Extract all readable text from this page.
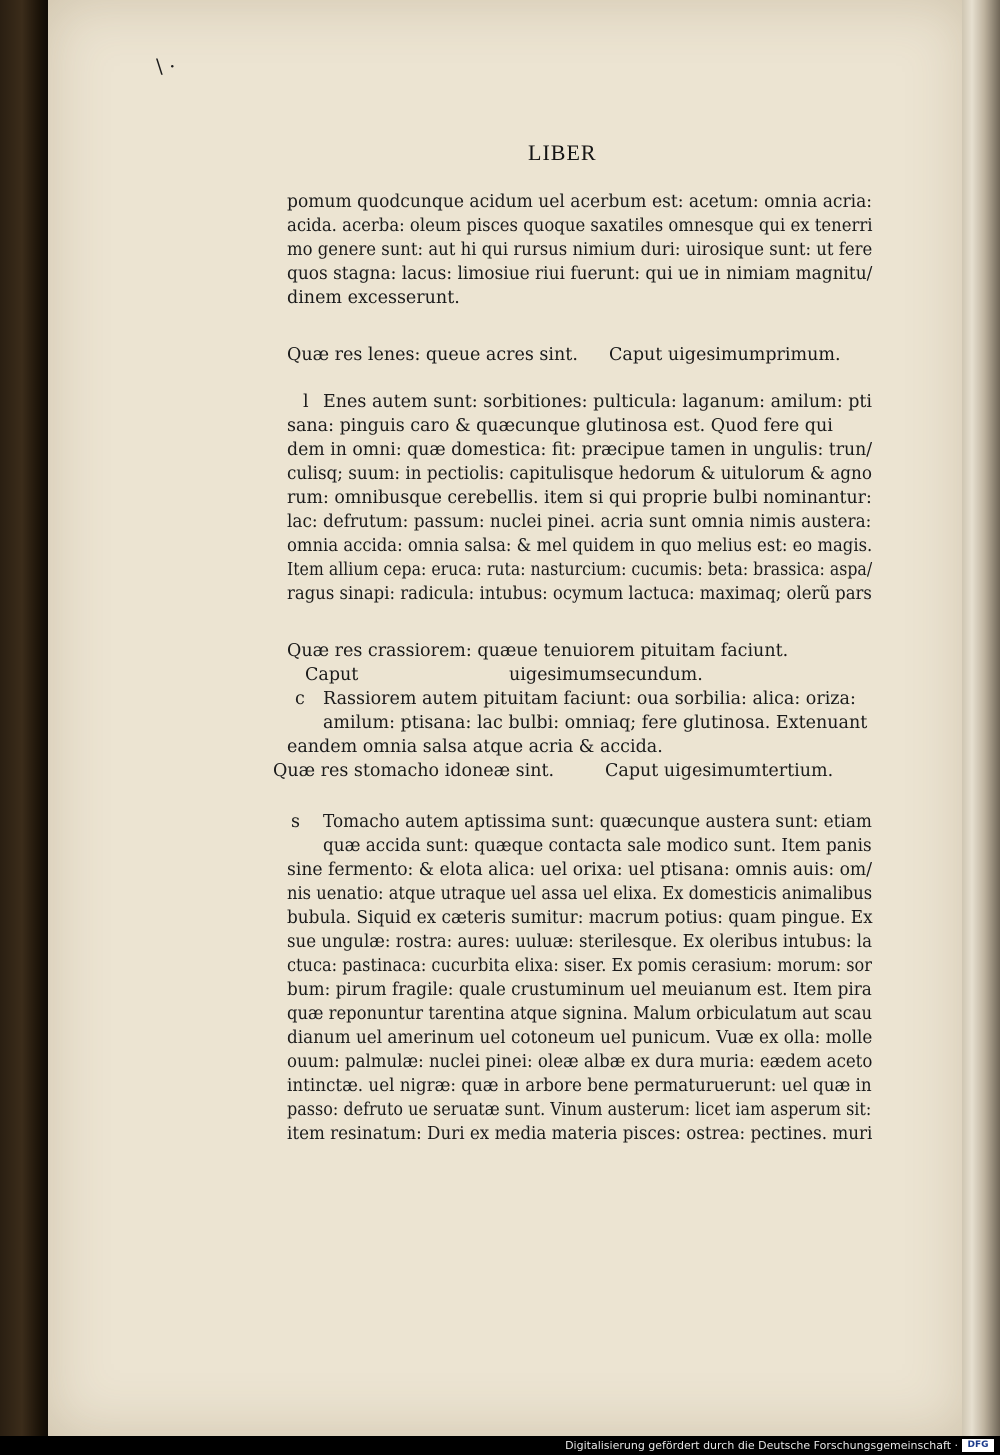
\ ·
LIBER
pomum quodcunque acidum uel acerbum est: acetum: omnia acria:
acida. acerba: oleum pisces quoque saxatiles omnesque qui ex tenerri
mo genere sunt: aut hi qui rursus nimium duri: uirosique sunt: ut fere
quos stagna: lacus: limosiue riui fuerunt: qui ue in nimiam magnitu/
dinem excesserunt.
Quæ res lenes: queue acres sint. Caput uigesimumprimum.
l Enes autem sunt: sorbitiones: pulticula: laganum: amilum: pti
sana: pinguis caro & quæcunque glutinosa est. Quod fere qui
dem in omni: quæ domestica: fit: præcipue tamen in ungulis: trun/
culisq; suum: in pectiolis: capitulisque hedorum & uitulorum & agno
rum: omnibusque cerebellis. item si qui proprie bulbi nominantur:
lac: defrutum: passum: nuclei pinei. acria sunt omnia nimis austera:
omnia accida: omnia salsa: & mel quidem in quo melius est: eo magis.
Item allium cepa: eruca: ruta: nasturcium: cucumis: beta: brassica: aspa/
ragus sinapi: radicula: intubus: ocymum lactuca: maximaq; olerũ pars
Quæ res crassiorem: quæue tenuiorem pituitam faciunt.
Caput	uigesimumsecundum.
c Rassiorem autem pituitam faciunt: oua sorbilia: alica: oriza:
amilum: ptisana: lac bulbi: omniaq; fere glutinosa. Extenuant
eandem omnia salsa atque acria & accida.
Quæ res stomacho idoneæ sint.	Caput uigesimumtertium.
s Tomacho autem aptissima sunt: quæcunque austera sunt: etiam
quæ accida sunt: quæque contacta sale modico sunt. Item panis
sine fermento: & elota alica: uel orixa: uel ptisana: omnis auis: om/
nis uenatio: atque utraque uel assa uel elixa. Ex domesticis animalibus
bubula. Siquid ex cæteris sumitur: macrum potius: quam pingue. Ex
sue ungulæ: rostra: aures: uuluæ: sterilesque. Ex oleribus intubus: la
ctuca: pastinaca: cucurbita elixa: siser. Ex pomis cerasium: morum: sor
bum: pirum fragile: quale crustuminum uel meuianum est. Item pira
quæ reponuntur tarentina atque signina. Malum orbiculatum aut scau
dianum uel amerinum uel cotoneum uel punicum. Vuæ ex olla: molle
ouum: palmulæ: nuclei pinei: oleæ albæ ex dura muria: eædem aceto
intinctæ. uel nigræ: quæ in arbore bene permaturuerunt: uel quæ in
passo: defruto ue seruatæ sunt. Vinum austerum: licet iam asperum sit:
item resinatum: Duri ex media materia pisces: ostrea: pectines. muri
Digitalisierung gefördert durch die Deutsche Forschungsgemeinschaft ·	DFG
